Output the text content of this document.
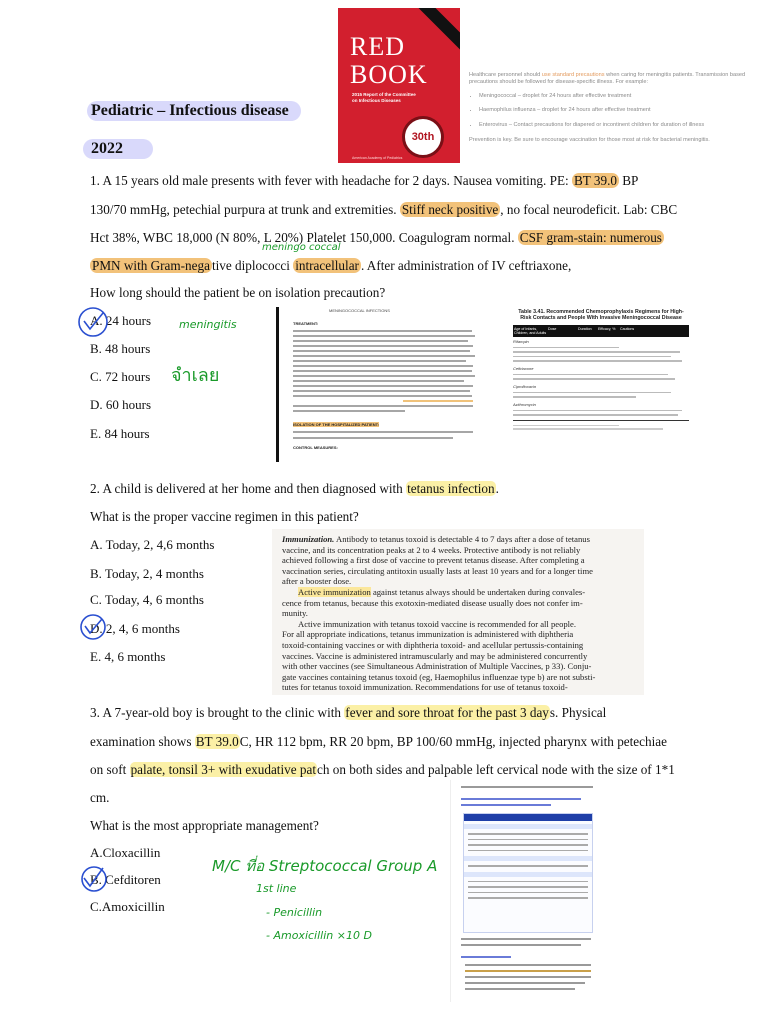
RED
BOOK
2015 Report of the Committee on Infectious Diseases
30th
American Academy of Pediatrics
Healthcare personnel should use standard precautions when caring for meningitis patients. Transmission based precautions should be followed for disease-specific illness. For example:
• Meningococcal – droplet for 24 hours after effective treatment
• Haemophilus influenza – droplet for 24 hours after effective treatment
• Enterovirus – Contact precautions for diapered or incontinent children for duration of illness
Prevention is key. Be sure to encourage vaccination for those most at risk for bacterial meningitis.
Pediatric – Infectious disease
2022
1. A 15 years old male presents with fever with headache for 2 days. Nausea vomiting. PE: BT 39.0 BP
130/70 mmHg, petechial purpura at trunk and extremities. Stiff neck positive , no focal neurodeficit. Lab: CBC
Hct 38%, WBC 18,000 (N 80%, L 20%) Platelet 150,000. Coagulogram normal. CSF gram-stain: numerous
PMN with Gram-nega tive diplococci intracellular . After administration of IV ceftriaxone,
How long should the patient be on isolation precaution?
meningo coccal
A. 24 hours
B. 48 hours
C. 72 hours
D. 60 hours
E. 84 hours
meningitis
จำเลย
MENINGOCOCCAL INFECTIONS
TREATMENT:
ISOLATION OF THE HOSPITALIZED PATIENT:
CONTROL MEASURES:
Table 3.41. Recommended Chemoprophylaxis Regimens for High-Risk Contacts and People With Invasive Meningococcal Disease
Age of Infants, Children, and Adults
Dose	Duration	Efficacy, %	Cautions
Rifampin
Ceftriaxone
Ciprofloxacin
Azithromycin
2. A child is delivered at her home and then diagnosed with tetanus infection.
What is the proper vaccine regimen in this patient?
A. Today, 2, 4,6 months
B. Today, 2, 4 months
C. Today, 4, 6 months
D. 2, 4, 6 months
E. 4, 6 months
Immunization. Antibody to tetanus toxoid is detectable 4 to 7 days after a dose of tetanus
vaccine, and its concentration peaks at 2 to 4 weeks. Protective antibody is not reliably
achieved following a first dose of vaccine to prevent tetanus disease. After completing a
vaccination series, circulating antitoxin usually lasts at least 10 years and for a longer time
after a booster dose.
Active immunization against tetanus always should be undertaken during convales-
cence from tetanus, because this exotoxin-mediated disease usually does not confer im-
munity.
Active immunization with tetanus toxoid vaccine is recommended for all people.
For all appropriate indications, tetanus immunization is administered with diphtheria
toxoid-containing vaccines or with diphtheria toxoid- and acellular pertussis-containing
vaccines. Vaccine is administered intramuscularly and may be administered concurrently
with other vaccines (see Simultaneous Administration of Multiple Vaccines, p 33). Conju-
gate vaccines containing tetanus toxoid (eg, Haemophilus influenzae type b) are not substi-
tutes for tetanus toxoid immunization. Recommendations for use of tetanus toxoid-
3. A 7-year-old boy is brought to the clinic with fever and sore throat for the past 3 days. Physical
examination shows BT 39.0C, HR 112 bpm, RR 20 bpm, BP 100/60 mmHg, injected pharynx with petechiae
on soft palate, tonsil 3+ with exudative patch on both sides and palpable left cervical node with the size of 1*1
cm.
What is the most appropriate management?
A.Cloxacillin
B. Cefditoren
C.Amoxicillin
M/C ที่อ Streptococcal Group A
1st line
- Penicillin
- Amoxicillin ×10 D
